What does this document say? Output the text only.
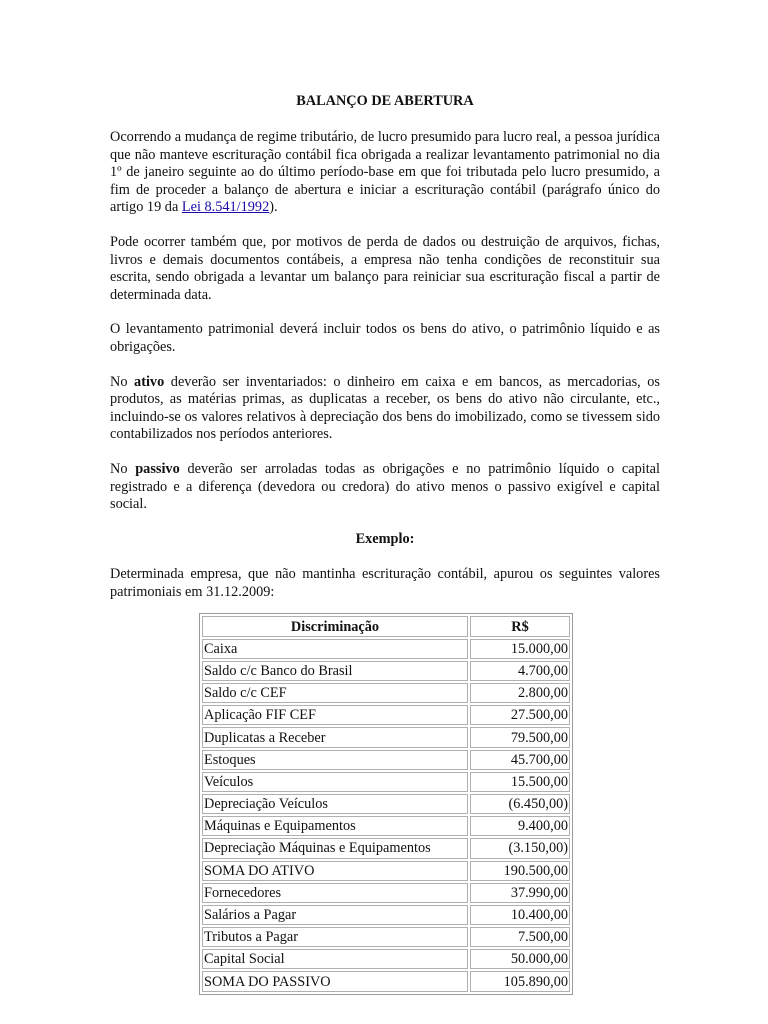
BALANÇO DE ABERTURA

Ocorrendo a mudança de regime tributário, de lucro presumido para lucro real, a pessoa jurídica que não manteve escrituração contábil fica obrigada a realizar levantamento patrimonial no dia 1º de janeiro seguinte ao do último período-base em que foi tributada pelo lucro presumido, a fim de proceder a balanço de abertura e iniciar a escrituração contábil (parágrafo único do artigo 19 da Lei 8.541/1992).

Pode ocorrer também que, por motivos de perda de dados ou destruição de arquivos, fichas, livros e demais documentos contábeis, a empresa não tenha condições de reconstituir sua escrita, sendo obrigada a levantar um balanço para reiniciar sua escrituração fiscal a partir de determinada data.

O levantamento patrimonial deverá incluir todos os bens do ativo, o patrimônio líquido e as obrigações.

No ativo deverão ser inventariados: o dinheiro em caixa e em bancos, as mercadorias, os produtos, as matérias primas, as duplicatas a receber, os bens do ativo não circulante, etc., incluindo-se os valores relativos à depreciação dos bens do imobilizado, como se tivessem sido contabilizados nos períodos anteriores.

No passivo deverão ser arroladas todas as obrigações e no patrimônio líquido o capital registrado e a diferença (devedora ou credora) do ativo menos o passivo exigível e capital social.

Exemplo:

Determinada empresa, que não mantinha escrituração contábil, apurou os seguintes valores patrimoniais em 31.12.2009:

Discriminação	R$
Caixa	15.000,00
Saldo c/c Banco do Brasil	4.700,00
Saldo c/c CEF	2.800,00
Aplicação FIF CEF	27.500,00
Duplicatas a Receber	79.500,00
Estoques	45.700,00
Veículos	15.500,00
Depreciação Veículos	(6.450,00)
Máquinas e Equipamentos	9.400,00
Depreciação Máquinas e Equipamentos	(3.150,00)
SOMA DO ATIVO	190.500,00
Fornecedores	37.990,00
Salários a Pagar	10.400,00
Tributos a Pagar	7.500,00
Capital Social	50.000,00
SOMA DO PASSIVO	105.890,00
